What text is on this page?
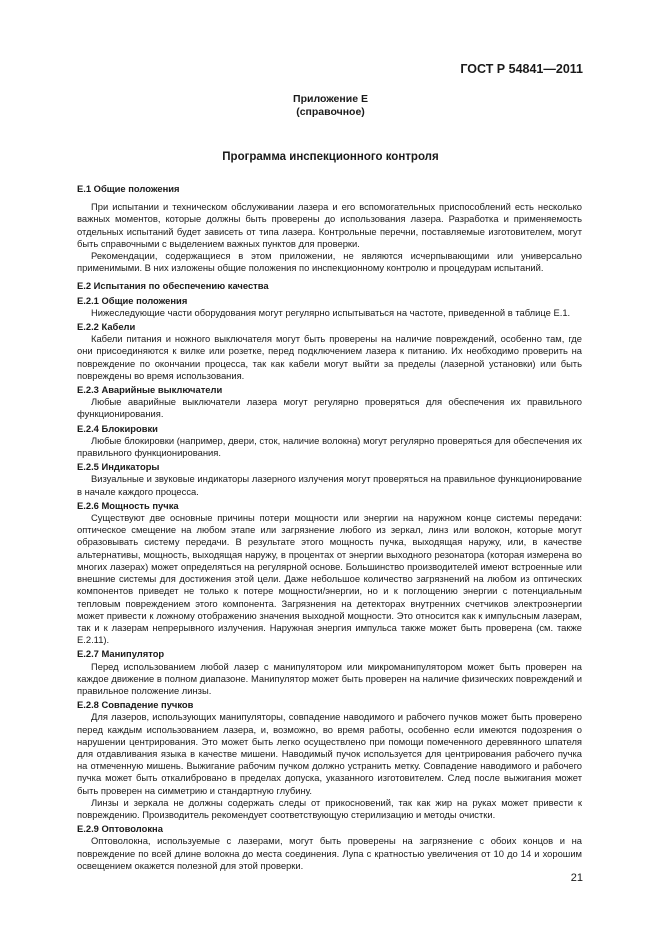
ГОСТ Р 54841—2011
Приложение Е
(справочное)
Программа инспекционного контроля

Е.1 Общие положения

При испытании и техническом обслуживании лазера и его вспомогательных приспособлений есть несколько важных моментов, которые должны быть проверены до использования лазера. Разработка и применяемость отдельных испытаний будет зависеть от типа лазера. Контрольные перечни, поставляемые изготовителем, могут быть справочными с выделением важных пунктов для проверки.

Рекомендации, содержащиеся в этом приложении, не являются исчерпывающими или универсально применимыми. В них изложены общие положения по инспекционному контролю и процедурам испытаний.

Е.2 Испытания по обеспечению качества

Е.2.1 Общие положения

Нижеследующие части оборудования могут регулярно испытываться на частоте, приведенной в таблице Е.1.

Е.2.2 Кабели

Кабели питания и ножного выключателя могут быть проверены на наличие повреждений, особенно там, где они присоединяются к вилке или розетке, перед подключением лазера к питанию. Их необходимо проверить на повреждение по окончании процесса, так как кабели могут выйти за пределы (лазерной установки) или быть повреждены во время использования.

Е.2.3 Аварийные выключатели

Любые аварийные выключатели лазера могут регулярно проверяться для обеспечения их правильного функционирования.

Е.2.4 Блокировки

Любые блокировки (например, двери, сток, наличие волокна) могут регулярно проверяться для обеспечения их правильного функционирования.

Е.2.5 Индикаторы

Визуальные и звуковые индикаторы лазерного излучения могут проверяться на правильное функционирование в начале каждого процесса.

Е.2.6 Мощность пучка

Существуют две основные причины потери мощности или энергии на наружном конце системы передачи: оптическое смещение на любом этапе или загрязнение любого из зеркал, линз или волокон, которые могут образовывать систему передачи. В результате этого мощность пучка, выходящая наружу, или, в качестве альтернативы, мощность, выходящая наружу, в процентах от энергии выходного резонатора (которая измерена во многих лазерах) может определяться на регулярной основе. Большинство производителей имеют встроенные или внешние системы для достижения этой цели. Даже небольшое количество загрязнений на любом из оптических компонентов приведет не только к потере мощности/энергии, но и к поглощению энергии с потенциальным тепловым повреждением этого компонента. Загрязнения на детекторах внутренних счетчиков электроэнергии может привести к ложному отображению значения выходной мощности. Это относится как к импульсным лазерам, так и к лазерам непрерывного излучения. Наружная энергия импульса также может быть проверена (см. также Е.2.11).

Е.2.7 Манипулятор

Перед использованием любой лазер с манипулятором или микроманипулятором может быть проверен на каждое движение в полном диапазоне. Манипулятор может быть проверен на наличие физических повреждений и правильное положение линзы.

Е.2.8 Совпадение пучков

Для лазеров, использующих манипуляторы, совпадение наводимого и рабочего пучков может быть проверено перед каждым использованием лазера, и, возможно, во время работы, особенно если имеются подозрения о нарушении центрирования. Это может быть легко осуществлено при помощи помеченного деревянного шпателя для отдавливания языка в качестве мишени. Наводимый пучок используется для центрирования рабочего пучка на отмеченную мишень. Выжигание рабочим пучком должно устранить метку. Совпадение наводимого и рабочего пучка может быть откалибровано в пределах допуска, указанного изготовителем. След после выжигания может быть проверен на симметрию и стандартную глубину.

Линзы и зеркала не должны содержать следы от прикосновений, так как жир на руках может привести к повреждению. Производитель рекомендует соответствующую стерилизацию и методы очистки.

Е.2.9 Оптоволокна

Оптоволокна, используемые с лазерами, могут быть проверены на загрязнение с обоих концов и на повреждение по всей длине волокна до места соединения. Лупа с кратностью увеличения от 10 до 14 и хорошим освещением окажется полезной для этой проверки.

21
